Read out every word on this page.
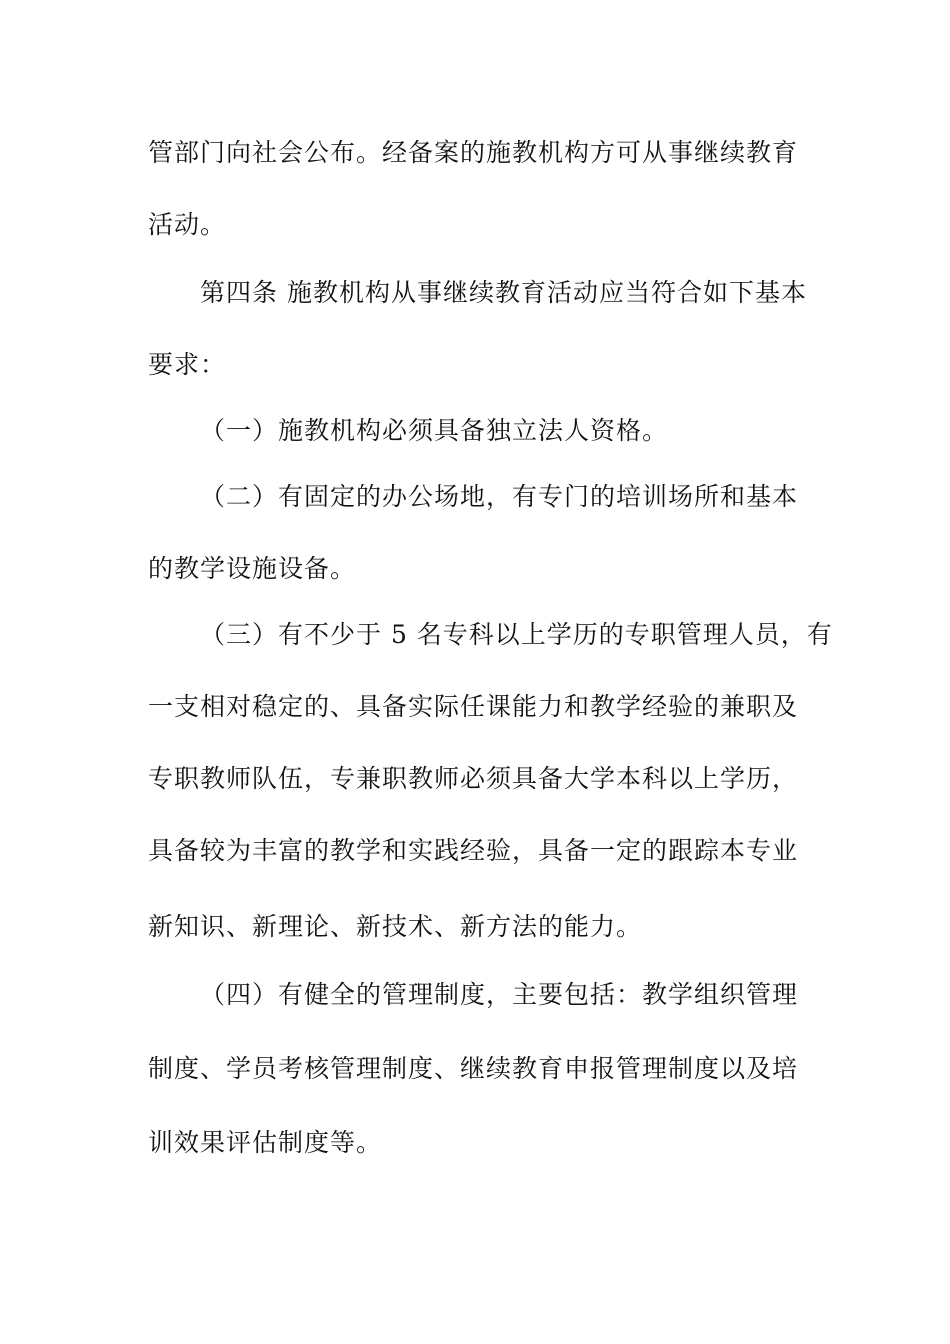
管部门向社会公布。经备案的施教机构方可从事继续教育
活动。
第四条 施教机构从事继续教育活动应当符合如下基本
要求：
（一）施教机构必须具备独立法人资格。
（二）有固定的办公场地，有专门的培训场所和基本
的教学设施设备。
（三）有不少于 5 名专科以上学历的专职管理人员，有
一支相对稳定的、具备实际任课能力和教学经验的兼职及
专职教师队伍，专兼职教师必须具备大学本科以上学历，
具备较为丰富的教学和实践经验，具备一定的跟踪本专业
新知识、新理论、新技术、新方法的能力。
（四）有健全的管理制度，主要包括：教学组织管理
制度、学员考核管理制度、继续教育申报管理制度以及培
训效果评估制度等。
